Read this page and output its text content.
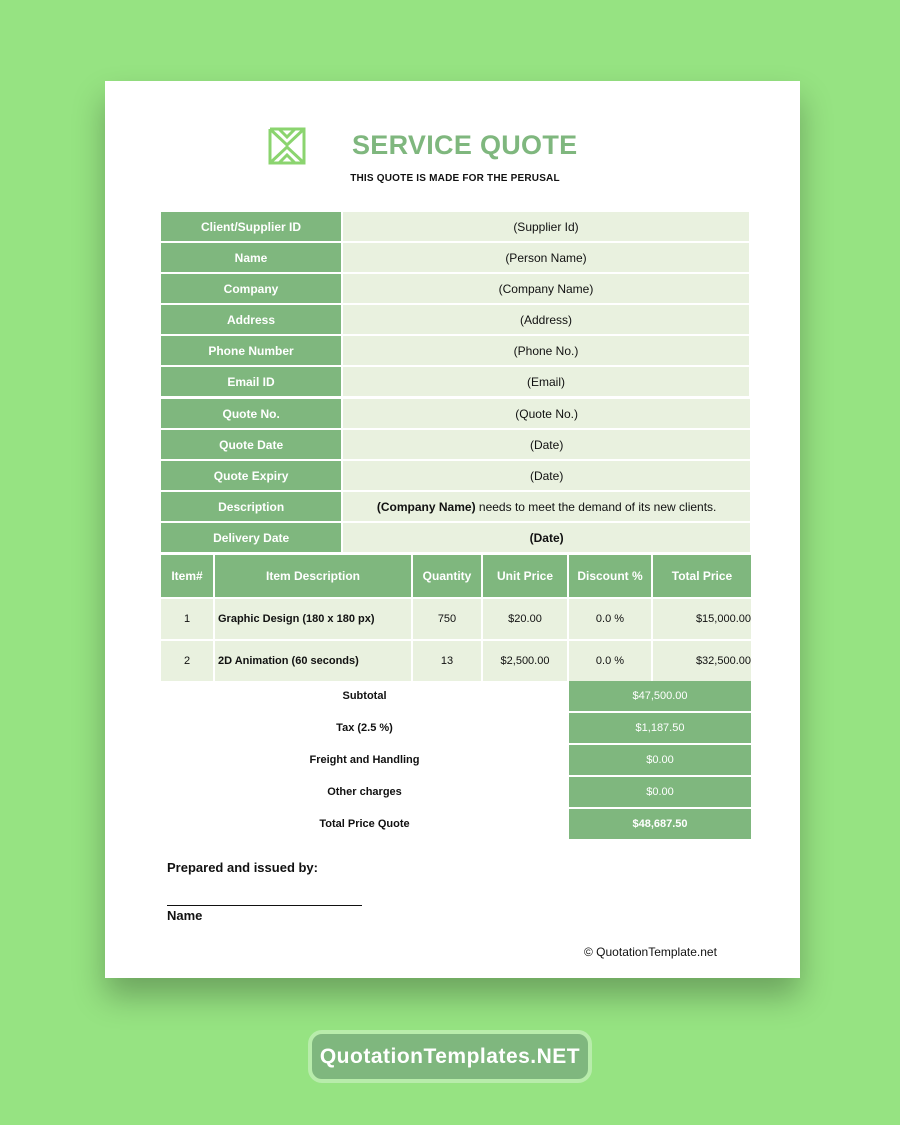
SERVICE QUOTE
THIS QUOTE IS MADE FOR THE PERUSAL
Client/Supplier ID	(Supplier Id)
Name	(Person Name)
Company	(Company Name)
Address	(Address)
Phone Number	(Phone No.)
Email ID	(Email)
Quote No.	(Quote No.)
Quote Date	(Date)
Quote Expiry	(Date)
Description	(Company Name) needs to meet the demand of its new clients.
Delivery Date	(Date)
Item#	Item Description	Quantity	Unit Price	Discount %	Total Price
1	Graphic Design (180 x 180 px)	750	$20.00	0.0 %	$15,000.00
2	2D Animation (60 seconds)	13	$2,500.00	0.0 %	$32,500.00
Subtotal	$47,500.00
Tax (2.5 %)	$1,187.50
Freight and Handling	$0.00
Other charges	$0.00
Total Price Quote	$48,687.50
Prepared and issued by:
Name
© QuotationTemplate.net
QuotationTemplates.NET
